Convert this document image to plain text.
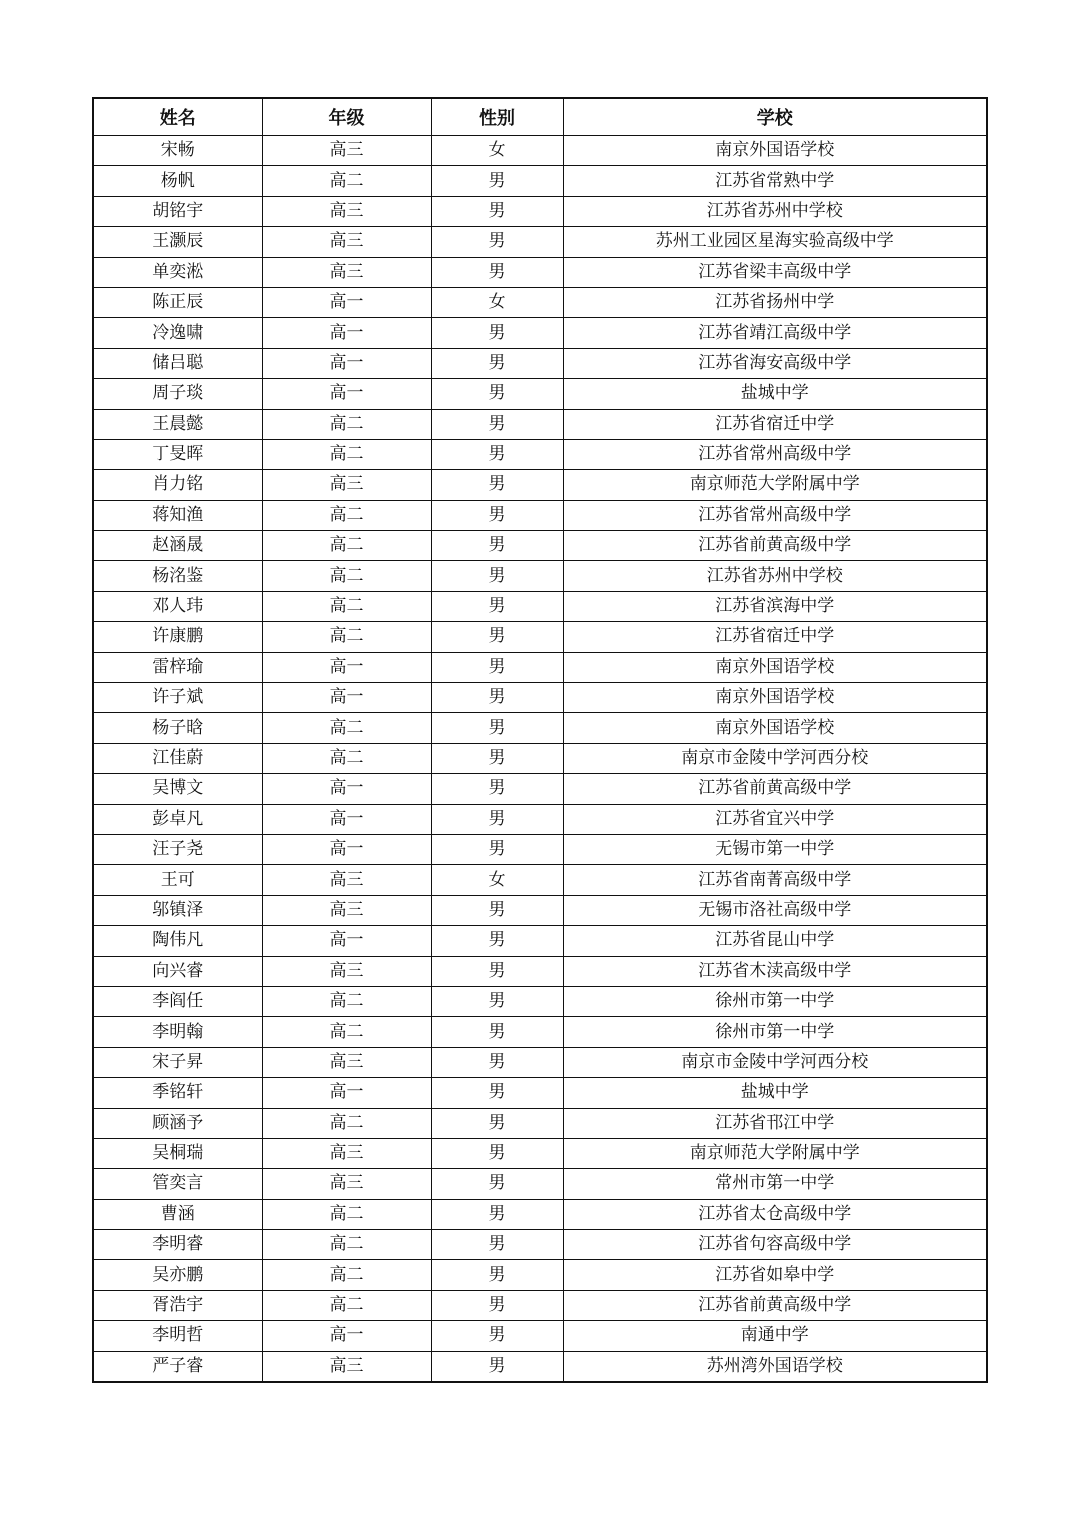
姓名	年级	性别	学校
宋畅	高三	女	南京外国语学校
杨帆	高二	男	江苏省常熟中学
胡铭宇	高三	男	江苏省苏州中学校
王灏辰	高三	男	苏州工业园区星海实验高级中学
单奕淞	高三	男	江苏省梁丰高级中学
陈正辰	高一	女	江苏省扬州中学
冷逸啸	高一	男	江苏省靖江高级中学
储吕聪	高一	男	江苏省海安高级中学
周子琰	高一	男	盐城中学
王晨懿	高二	男	江苏省宿迁中学
丁旻晖	高二	男	江苏省常州高级中学
肖力铭	高三	男	南京师范大学附属中学
蒋知渔	高二	男	江苏省常州高级中学
赵涵晟	高二	男	江苏省前黄高级中学
杨洺鉴	高二	男	江苏省苏州中学校
邓人玮	高二	男	江苏省滨海中学
许康鹏	高二	男	江苏省宿迁中学
雷梓瑜	高一	男	南京外国语学校
许子斌	高一	男	南京外国语学校
杨子晗	高二	男	南京外国语学校
江佳蔚	高二	男	南京市金陵中学河西分校
吴博文	高一	男	江苏省前黄高级中学
彭卓凡	高一	男	江苏省宜兴中学
汪子尧	高一	男	无锡市第一中学
王可	高三	女	江苏省南菁高级中学
邬镇泽	高三	男	无锡市洛社高级中学
陶伟凡	高一	男	江苏省昆山中学
向兴睿	高三	男	江苏省木渎高级中学
李阎任	高二	男	徐州市第一中学
李明翰	高二	男	徐州市第一中学
宋子昇	高三	男	南京市金陵中学河西分校
季铭轩	高一	男	盐城中学
顾涵予	高二	男	江苏省邗江中学
吴桐瑞	高三	男	南京师范大学附属中学
管奕言	高三	男	常州市第一中学
曹涵	高二	男	江苏省太仓高级中学
李明睿	高二	男	江苏省句容高级中学
吴亦鹏	高二	男	江苏省如皋中学
胥浩宇	高二	男	江苏省前黄高级中学
李明哲	高一	男	南通中学
严子睿	高三	男	苏州湾外国语学校
